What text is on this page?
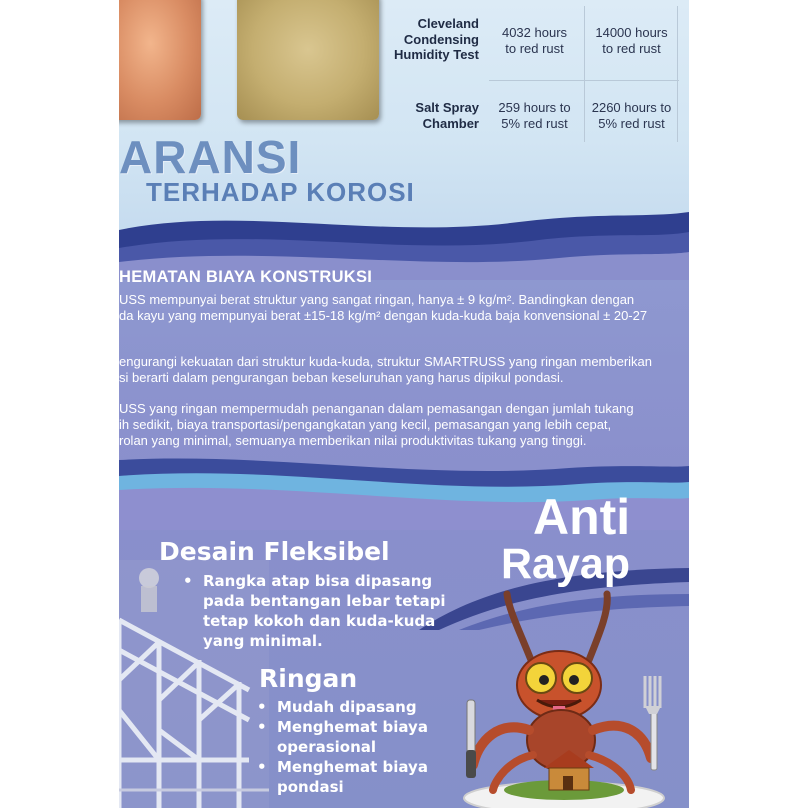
Cleveland
Condensing
Humidity Test
4032 hours
to red rust
14000 hours
to red rust
Salt Spray
Chamber
259 hours to
5% red rust
2260 hours to
5% red rust
ARANSI
TERHADAP KOROSI
HEMATAN BIAYA KONSTRUKSI
USS mempunyai berat struktur yang sangat ringan, hanya ± 9 kg/m². Bandingkan dengan
da kayu yang mempunyai berat ±15-18 kg/m² dengan kuda-kuda baja konvensional ± 20-27
engurangi kekuatan dari struktur kuda-kuda, struktur SMARTRUSS yang ringan memberikan
si berarti dalam pengurangan beban keseluruhan yang harus dipikul pondasi.
USS yang ringan mempermudah penanganan dalam pemasangan dengan jumlah tukang
ih sedikit, biaya transportasi/pengangkatan yang kecil, pemasangan yang lebih cepat,
rolan yang minimal, semuanya memberikan nilai produktivitas tukang yang tinggi.
Desain Fleksibel
• Rangka atap bisa dipasang
pada bentangan lebar tetapi
tetap kokoh dan kuda-kuda
yang minimal.
Ringan
• Mudah dipasang
• Menghemat biaya
operasional
• Menghemat biaya
pondasi
Anti
Rayap
